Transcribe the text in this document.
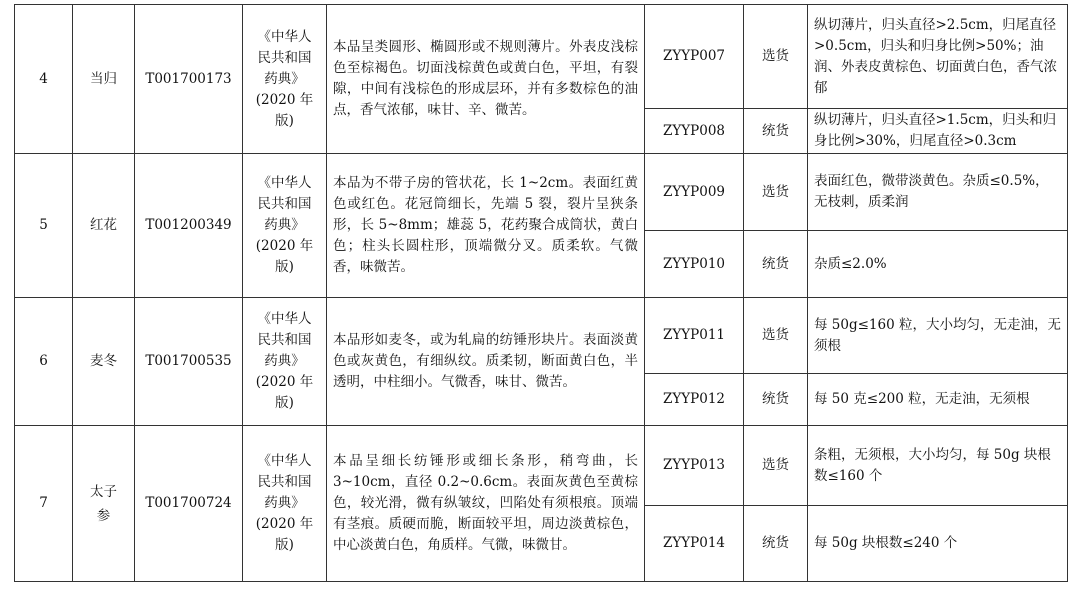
4	当归	T001700173	《中华人
民共和国
药典》
(2020 年
版)	本品呈类圆形、椭圆形或不规则薄片。外表皮浅棕色至棕褐色。切面浅棕黄色或黄白色，平坦，有裂隙，中间有浅棕色的形成层环，并有多数棕色的油点，香气浓郁，味甘、辛、微苦。	ZYYP007	选货	纵切薄片，归头直径>2.5cm，归尾直径>0.5cm，归头和归身比例>50%；油润、外表皮黄棕色、切面黄白色，香气浓郁
					ZYYP008	统货	纵切薄片，归头直径>1.5cm，归头和归身比例>30%，归尾直径>0.3cm
5	红花	T001200349	《中华人
民共和国
药典》
(2020 年
版)	本品为不带子房的管状花，长 1~2cm。表面红黄色或红色。花冠筒细长，先端 5 裂，裂片呈狭条形，长 5~8mm；雄蕊 5，花药聚合成筒状，黄白色；柱头长圆柱形，顶端微分叉。质柔软。气微香，味微苦。	ZYYP009	选货	表面红色，微带淡黄色。杂质≤0.5%，无枝刺，质柔润
					ZYYP010	统货	杂质≤2.0%
6	麦冬	T001700535	《中华人
民共和国
药典》
(2020 年
版)	本品形如麦冬，或为轧扁的纺锤形块片。表面淡黄色或灰黄色，有细纵纹。质柔韧，断面黄白色，半透明，中柱细小。气微香，味甘、微苦。	ZYYP011	选货	每 50g≤160 粒，大小均匀，无走油，无须根
					ZYYP012	统货	每 50 克≤200 粒，无走油，无须根
7	太子参	T001700724	《中华人
民共和国
药典》
(2020 年
版)	本品呈细长纺锤形或细长条形，稍弯曲，长 3~10cm，直径 0.2~0.6cm。表面灰黄色至黄棕色，较光滑，微有纵皱纹，凹陷处有须根痕。顶端有茎痕。质硬而脆，断面较平坦，周边淡黄棕色，中心淡黄白色，角质样。气微，味微甘。	ZYYP013	选货	条粗，无须根，大小均匀，每 50g 块根数≤160 个
					ZYYP014	统货	每 50g 块根数≤240 个
